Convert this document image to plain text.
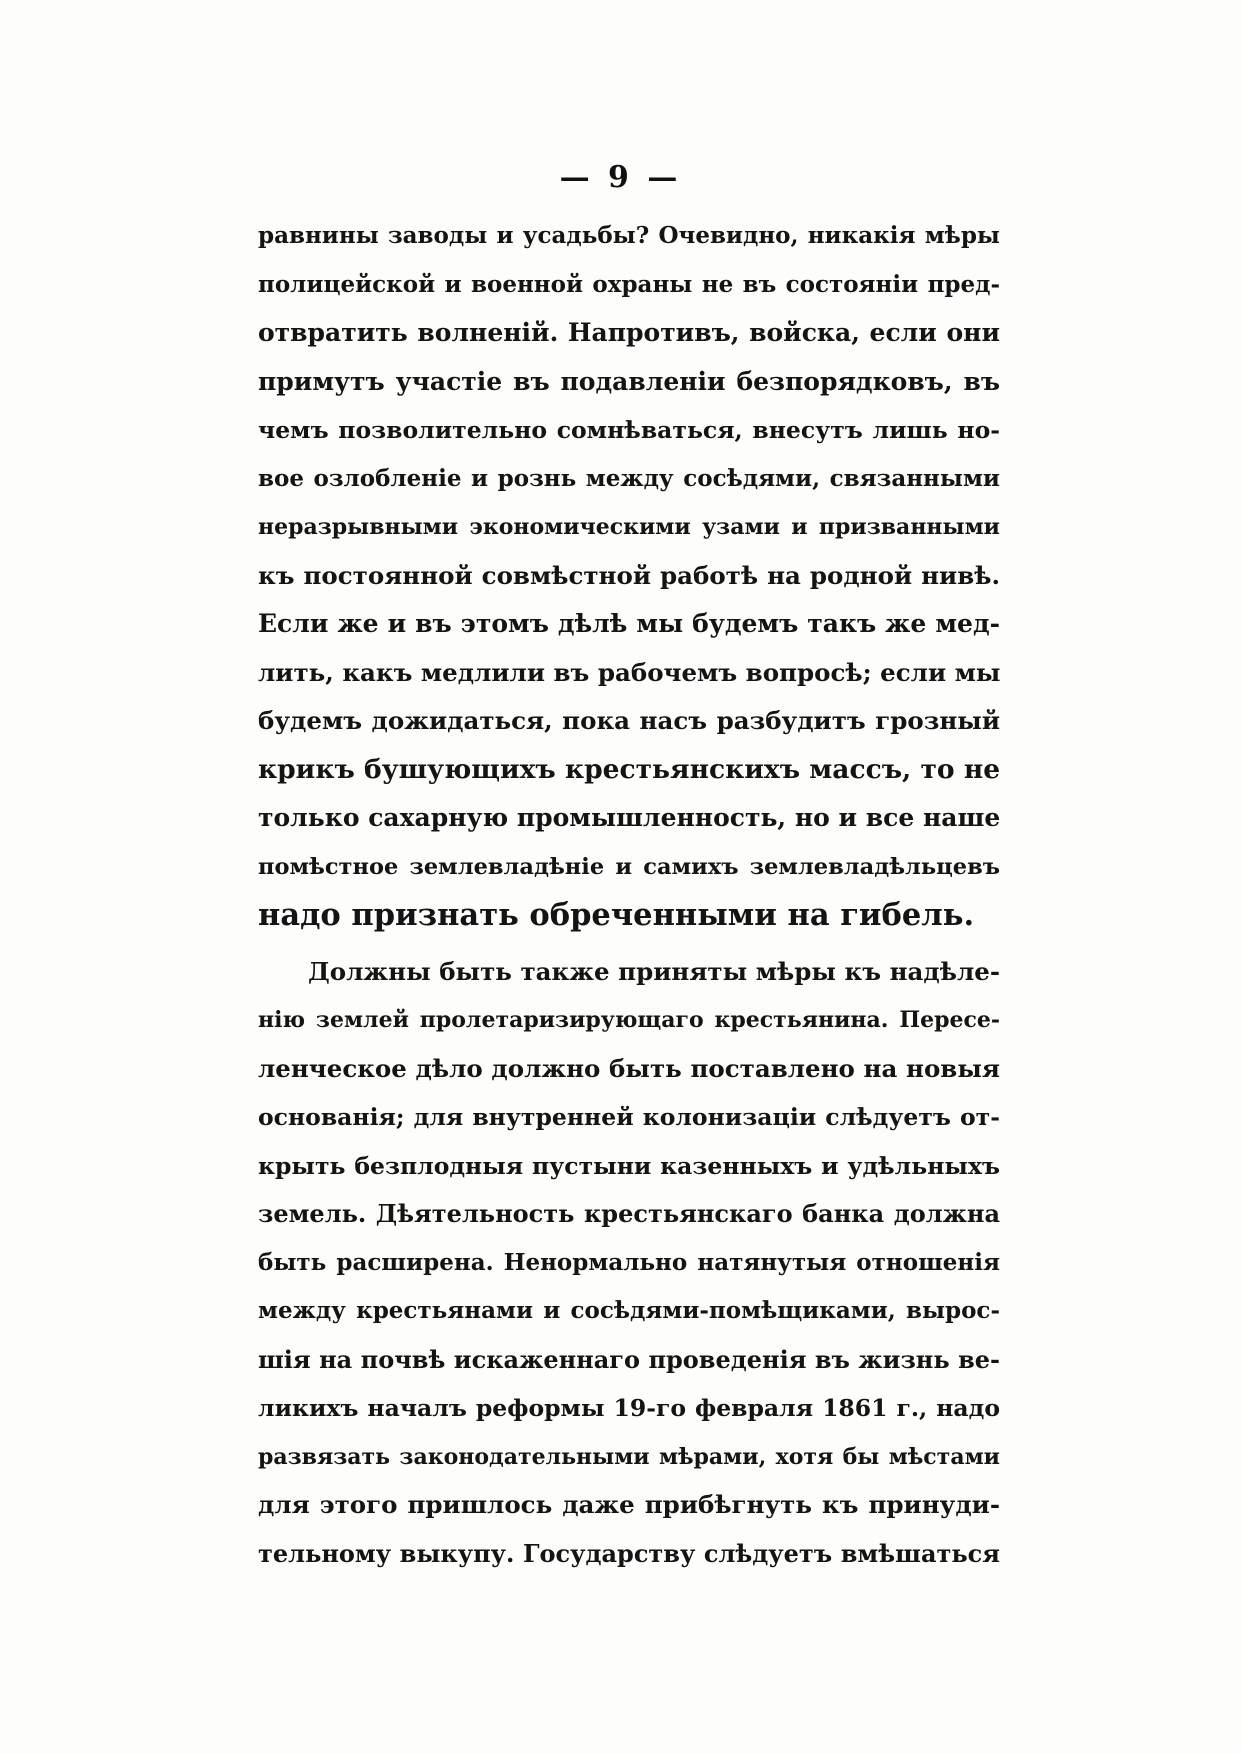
— 9 —
равнины заводы и усадьбы? Очевидно, никакія мѣры
полицейской и военной охраны не въ состояніи пред-
отвратить волненій. Напротивъ, войска, если они
примутъ участіе въ подавленіи безпорядковъ, въ
чемъ позволительно сомнѣваться, внесутъ лишь но-
вое озлобленіе и рознь между сосѣдями, связанными
неразрывными экономическими узами и призванными
къ постоянной совмѣстной работѣ на родной нивѣ.
Если же и въ этомъ дѣлѣ мы будемъ такъ же мед-
лить, какъ медлили въ рабочемъ вопросѣ; если мы
будемъ дожидаться, пока насъ разбудитъ грозный
крикъ бушующихъ крестьянскихъ массъ, то не
только сахарную промышленность, но и все наше
помѣстное землевладѣніе и самихъ землевладѣльцевъ
надо признать обреченными на гибель.
Должны быть также приняты мѣры къ надѣле-
нію землей пролетаризирующаго крестьянина. Пересе-
ленческое дѣло должно быть поставлено на новыя
основанія; для внутренней колонизаціи слѣдуетъ от-
крыть безплодныя пустыни казенныхъ и удѣльныхъ
земель. Дѣятельность крестьянскаго банка должна
быть расширена. Ненормально натянутыя отношенія
между крестьянами и сосѣдями-помѣщиками, вырос-
шія на почвѣ искаженнаго проведенія въ жизнь ве-
ликихъ началъ реформы 19-го февраля 1861 г., надо
развязать законодательными мѣрами, хотя бы мѣстами
для этого пришлось даже прибѣгнуть къ принуди-
тельному выкупу. Государству слѣдуетъ вмѣшаться
